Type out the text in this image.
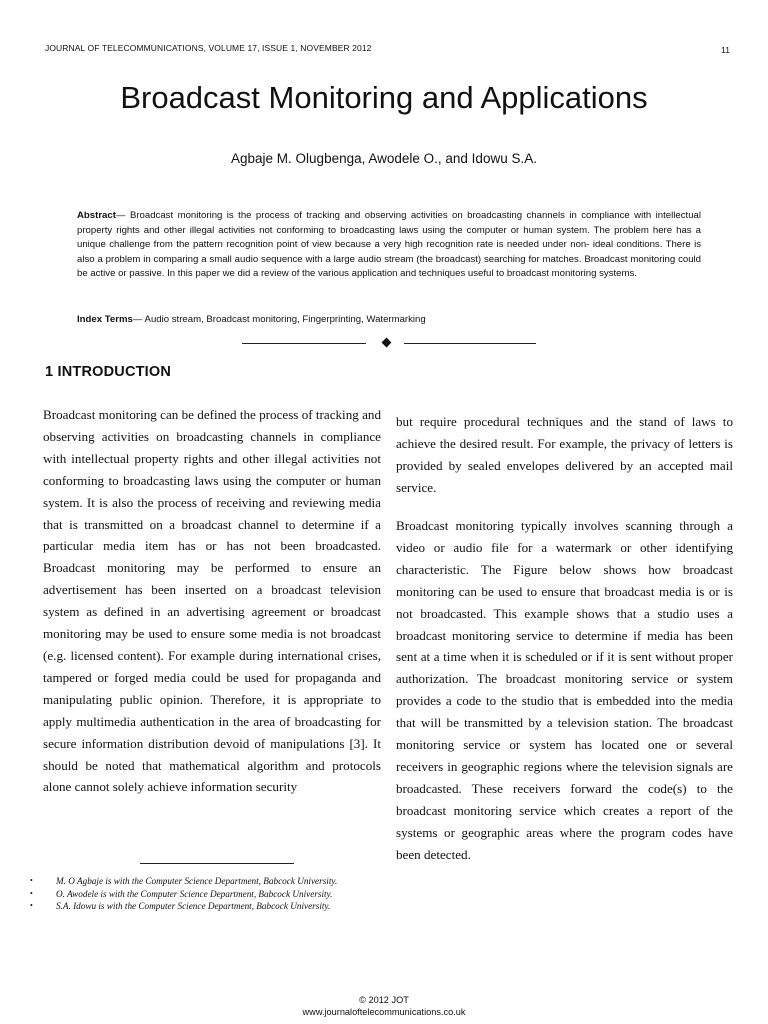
JOURNAL OF TELECOMMUNICATIONS, VOLUME 17, ISSUE 1, NOVEMBER 2012	11
Broadcast Monitoring and Applications
Agbaje M. Olugbenga, Awodele O., and Idowu S.A.

Abstract— Broadcast monitoring is the process of tracking and observing activities on broadcasting channels in compliance with intellectual property rights and other illegal activities not conforming to broadcasting laws using the computer or human system. The problem here has a unique challenge from the pattern recognition point of view because a very high recognition rate is needed under non- ideal conditions. There is also a problem in comparing a small audio sequence with a large audio stream (the broadcast) searching for matches. Broadcast monitoring could be active or passive. In this paper we did a review of the various application and techniques useful to broadcast monitoring systems.

Index Terms— Audio stream, Broadcast monitoring, Fingerprinting, Watermarking

1 INTRODUCTION

Broadcast monitoring can be defined the process of tracking and observing activities on broadcasting channels in compliance with intellectual property rights and other illegal activities not conforming to broadcasting laws using the computer or human system. It is also the process of receiving and reviewing media that is transmitted on a broadcast channel to determine if a particular media item has or has not been broadcasted. Broadcast monitoring may be performed to ensure an advertisement has been inserted on a broadcast television system as defined in an advertising agreement or broadcast monitoring may be used to ensure some media is not broadcast (e.g. licensed content). For example during international crises, tampered or forged media could be used for propaganda and manipulating public opinion. Therefore, it is appropriate to apply multimedia authentication in the area of broadcasting for secure information distribution devoid of manipulations [3]. It should be noted that mathematical algorithm and protocols alone cannot solely achieve information security

but require procedural techniques and the stand of laws to achieve the desired result. For example, the privacy of letters is provided by sealed envelopes delivered by an accepted mail service.

Broadcast monitoring typically involves scanning through a video or audio file for a watermark or other identifying characteristic. The Figure below shows how broadcast monitoring can be used to ensure that broadcast media is or is not broadcasted. This example shows that a studio uses a broadcast monitoring service to determine if media has been sent at a time when it is scheduled or if it is sent without proper authorization. The broadcast monitoring service or system provides a code to the studio that is embedded into the media that will be transmitted by a television station. The broadcast monitoring service or system has located one or several receivers in geographic regions where the television signals are broadcasted. These receivers forward the code(s) to the broadcast monitoring service which creates a report of the systems or geographic areas where the program codes have been detected.

•	M. O Agbaje is with the Computer Science Department, Babcock University.
•	O. Awodele is with the Computer Science Department, Babcock University.
•	S.A. Idowu is with the Computer Science Department, Babcock University.
© 2012 JOT
www.journaloftelecommunications.co.uk
